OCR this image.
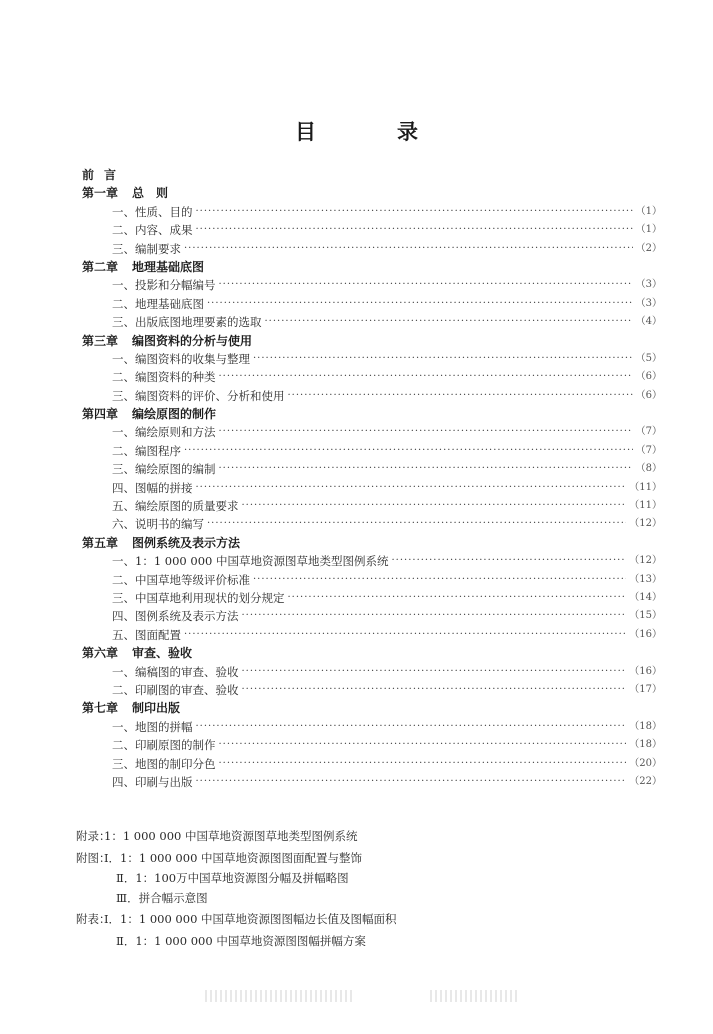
目　录
前言
第一章 总　则
一、性质、目的 ·····	（1）
二、内容、成果 ·····	（1）
三、编制要求 ·····	（2）
第二章 地理基础底图
一、投影和分幅编号 ·····	（3）
二、地理基础底图 ·····	（3）
三、出版底图地理要素的选取 ·····	（4）
第三章 编图资料的分析与使用
一、编图资料的收集与整理 ·····	（5）
二、编图资料的种类 ·····	（6）
三、编图资料的评价、分析和使用 ·····	（6）
第四章 编绘原图的制作
一、编绘原则和方法 ·····	（7）
二、编图程序 ·····	（7）
三、编绘原图的编制 ·····	（8）
四、图幅的拼接 ·····	（11）
五、编绘原图的质量要求 ·····	（11）
六、说明书的编写 ·····	（12）
第五章 图例系统及表示方法
一、1：1 000 000 中国草地资源图草地类型图例系统 ·····	（12）
二、中国草地等级评价标准 ·····	（13）
三、中国草地利用现状的划分规定 ·····	（14）
四、图例系统及表示方法 ·····	（15）
五、图面配置 ·····	（16）
第六章 审查、验收
一、编稿图的审查、验收 ·····	（16）
二、印刷图的审查、验收 ·····	（17）
第七章 制印出版
一、地图的拼幅 ·····	（18）
二、印刷原图的制作 ·····	（18）
三、地图的制印分色 ·····	（20）
四、印刷与出版 ·····	（22）
附录：1：1 000 000 中国草地资源图草地类型图例系统
附图：Ⅰ．1：1 000 000 中国草地资源图图面配置与整饰
Ⅱ．1：100万中国草地资源图分幅及拼幅略图
Ⅲ．拼合幅示意图
附表：Ⅰ．1：1 000 000 中国草地资源图图幅边长值及图幅面积
Ⅱ．1：1 000 000 中国草地资源图图幅拼幅方案
